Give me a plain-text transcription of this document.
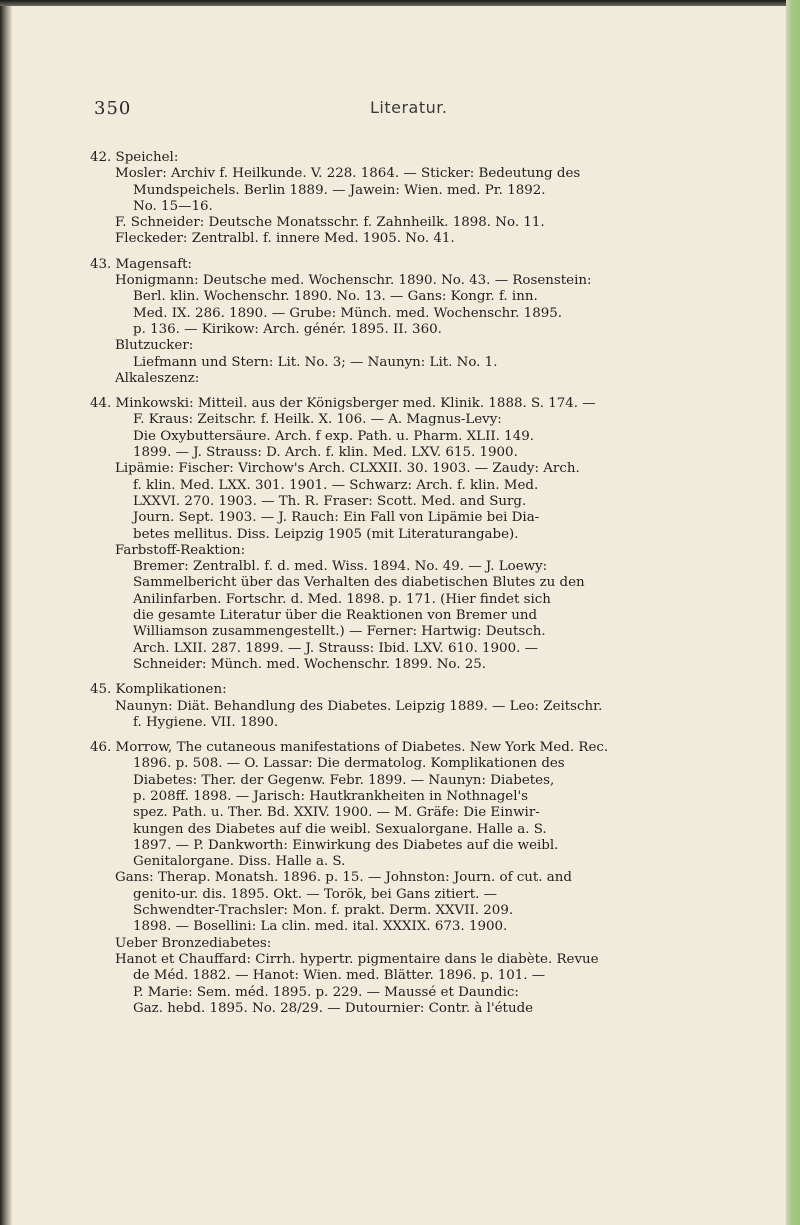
350	Literatur.
42. Speichel:
Mosler: Archiv f. Heilkunde. V. 228. 1864. — Sticker: Bedeutung des
Mundspeichels. Berlin 1889. — Jawein: Wien. med. Pr. 1892.
No. 15—16.
F. Schneider: Deutsche Monatsschr. f. Zahnheilk. 1898. No. 11.
Fleckeder: Zentralbl. f. innere Med. 1905. No. 41.
43. Magensaft:
Honigmann: Deutsche med. Wochenschr. 1890. No. 43. — Rosenstein:
Berl. klin. Wochenschr. 1890. No. 13. — Gans: Kongr. f. inn.
Med. IX. 286. 1890. — Grube: Münch. med. Wochenschr. 1895.
p. 136. — Kirikow: Arch. génér. 1895. II. 360.
Blutzucker:
Liefmann und Stern: Lit. No. 3; — Naunyn: Lit. No. 1.
Alkaleszenz:
44. Minkowski: Mitteil. aus der Königsberger med. Klinik. 1888. S. 174. —
F. Kraus: Zeitschr. f. Heilk. X. 106. — A. Magnus-Levy:
Die Oxybuttersäure. Arch. f exp. Path. u. Pharm. XLII. 149.
1899. — J. Strauss: D. Arch. f. klin. Med. LXV. 615. 1900.
Lipämie: Fischer: Virchow's Arch. CLXXII. 30. 1903. — Zaudy: Arch.
f. klin. Med. LXX. 301. 1901. — Schwarz: Arch. f. klin. Med.
LXXVI. 270. 1903. — Th. R. Fraser: Scott. Med. and Surg.
Journ. Sept. 1903. — J. Rauch: Ein Fall von Lipämie bei Dia-
betes mellitus. Diss. Leipzig 1905 (mit Literaturangabe).
Farbstoff-Reaktion:
Bremer: Zentralbl. f. d. med. Wiss. 1894. No. 49. — J. Loewy:
Sammelbericht über das Verhalten des diabetischen Blutes zu den
Anilinfarben. Fortschr. d. Med. 1898. p. 171. (Hier findet sich
die gesamte Literatur über die Reaktionen von Bremer und
Williamson zusammengestellt.) — Ferner: Hartwig: Deutsch.
Arch. LXII. 287. 1899. — J. Strauss: Ibid. LXV. 610. 1900. —
Schneider: Münch. med. Wochenschr. 1899. No. 25.
45. Komplikationen:
Naunyn: Diät. Behandlung des Diabetes. Leipzig 1889. — Leo: Zeitschr.
f. Hygiene. VII. 1890.
46. Morrow, The cutaneous manifestations of Diabetes. New York Med. Rec.
1896. p. 508. — O. Lassar: Die dermatolog. Komplikationen des
Diabetes: Ther. der Gegenw. Febr. 1899. — Naunyn: Diabetes,
p. 208ff. 1898. — Jarisch: Hautkrankheiten in Nothnagel's
spez. Path. u. Ther. Bd. XXIV. 1900. — M. Gräfe: Die Einwir-
kungen des Diabetes auf die weibl. Sexualorgane. Halle a. S.
1897. — P. Dankworth: Einwirkung des Diabetes auf die weibl.
Genitalorgane. Diss. Halle a. S.
Gans: Therap. Monatsh. 1896. p. 15. — Johnston: Journ. of cut. and
genito-ur. dis. 1895. Okt. — Torök, bei Gans zitiert. —
Schwendter-Trachsler: Mon. f. prakt. Derm. XXVII. 209.
1898. — Bosellini: La clin. med. ital. XXXIX. 673. 1900.
Ueber Bronzediabetes:
Hanot et Chauffard: Cirrh. hypertr. pigmentaire dans le diabète. Revue
de Méd. 1882. — Hanot: Wien. med. Blätter. 1896. p. 101. —
P. Marie: Sem. méd. 1895. p. 229. — Maussé et Daundic:
Gaz. hebd. 1895. No. 28/29. — Dutournier: Contr. à l'étude
